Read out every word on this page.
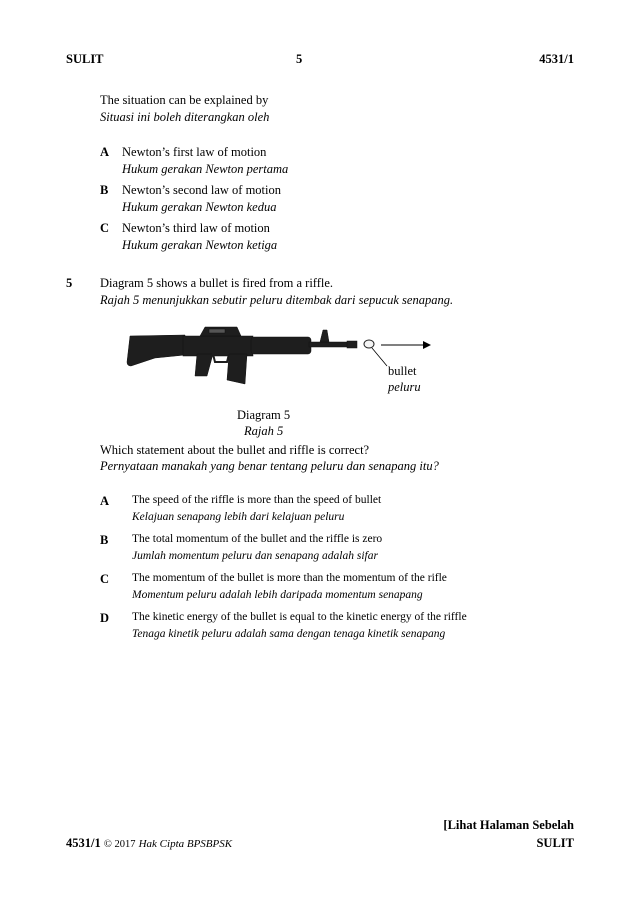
SULIT	5	4531/1
The situation can be explained by
Situasi ini boleh diterangkan oleh
A Newton’s first law of motion
Hukum gerakan Newton pertama
B Newton’s second law of motion
Hukum gerakan Newton kedua
C Newton’s third law of motion
Hukum gerakan Newton ketiga
5 Diagram 5 shows a bullet is fired from a riffle.
Rajah 5 menunjukkan sebutir peluru ditembak dari sepucuk senapang.
bullet
peluru
Diagram 5
Rajah 5
Which statement about the bullet and riffle is correct?
Pernyataan manakah yang benar tentang peluru dan senapang itu?
A The speed of the riffle is more than the speed of bullet
Kelajuan senapang lebih dari kelajuan peluru
B The total momentum of the bullet and the riffle is zero
Jumlah momentum peluru dan senapang adalah sifar
C The momentum of the bullet is more than the momentum of the rifle
Momentum peluru adalah lebih daripada momentum senapang
D The kinetic energy of the bullet is equal to the kinetic energy of the riffle
Tenaga kinetik peluru adalah sama dengan tenaga kinetik senapang
[Lihat Halaman Sebelah
4531/1 © 2017 Hak Cipta BPSBPSK	SULIT
